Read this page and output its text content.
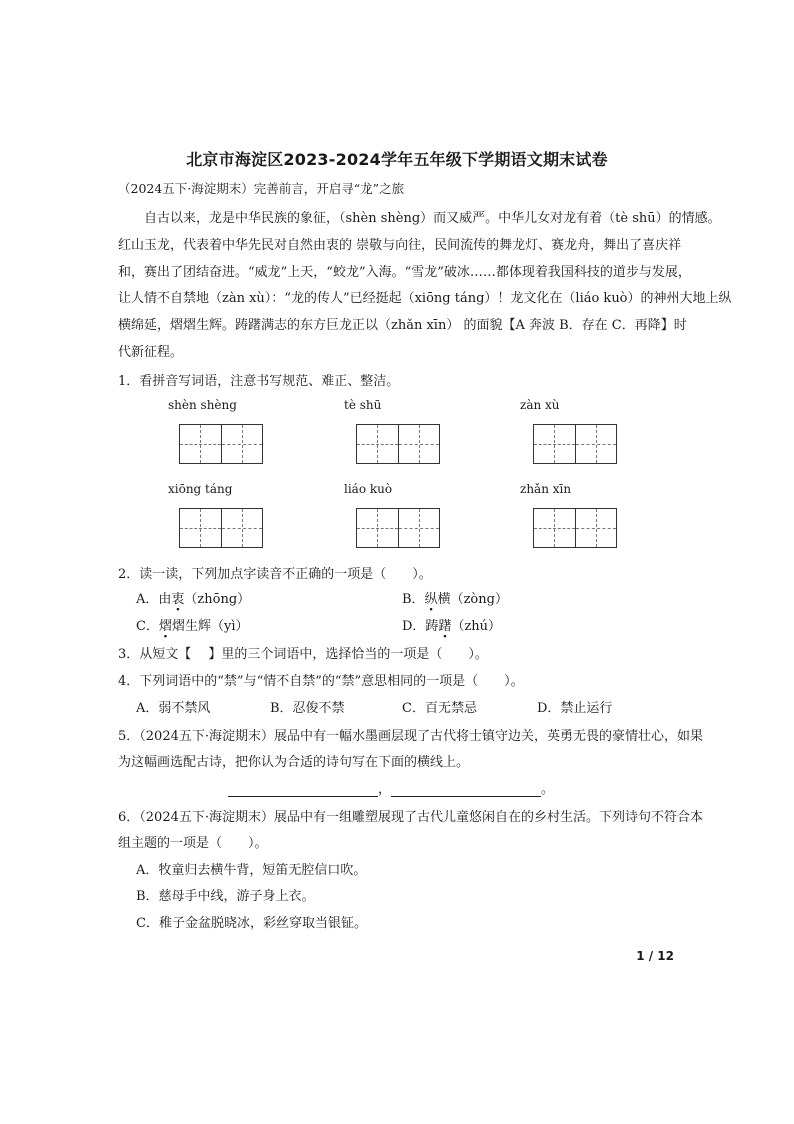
北京市海淀区2023-2024学年五年级下学期语文期末试卷
（2024五下·海淀期末）完善前言，开启寻“龙”之旅
自古以来，龙是中华民族的象征，（shèn shèng）而又威严。中华儿女对龙有着（tè shū）的情感。
红山玉龙，代表着中华先民对自然由衷的 崇敬与向往，民间流传的舞龙灯、赛龙舟，舞出了喜庆祥
和，赛出了团结奋进。“威龙”上天，“蛟龙”入海。“雪龙”破冰……都体现着我国科技的道步与发展，
让人情不自禁地（zàn xù）：“龙的传人”已经挺起（xiōng táng）！龙文化在（liáo kuò）的神州大地上纵
横绵延，熠熠生辉。踌躇满志的东方巨龙正以（zhǎn xīn） 的面貌【A 奔波 B．存在 C．再降】时
代新征程。
1．看拼音写词语，注意书写规范、难正、整洁。
shèn shèng	tè shū	zàn xù
xiōng táng	liáo kuò	zhǎn xīn
2．读一读，下列加点字读音不正确的一项是（　　）。
A．由衷（zhōng）	B．纵横（zòng）
C．熠熠生辉（yì）	D．踌躇（zhú）
3．从短文【　 】里的三个词语中，选择恰当的一项是（　　）。
4．下列词语中的“禁”与“情不自禁”的“禁”意思相同的一项是（　　）。
A．弱不禁风	B．忍俊不禁	C．百无禁忌	D．禁止运行
5．（2024五下·海淀期末）展品中有一幅水墨画层现了古代将士镇守边关，英勇无畏的豪情壮心，如果
为这幅画选配古诗，把你认为合适的诗句写在下面的横线上。
，	。
6．（2024五下·海淀期末）展品中有一组雕塑展现了古代儿童悠闲自在的乡村生活。下列诗句不符合本
组主题的一项是（　　）。
A．牧童归去横牛背，短笛无腔信口吹。
B．慈母手中线，游子身上衣。
C．稚子金盆脱晓冰，彩丝穿取当银钲。
1 / 12
